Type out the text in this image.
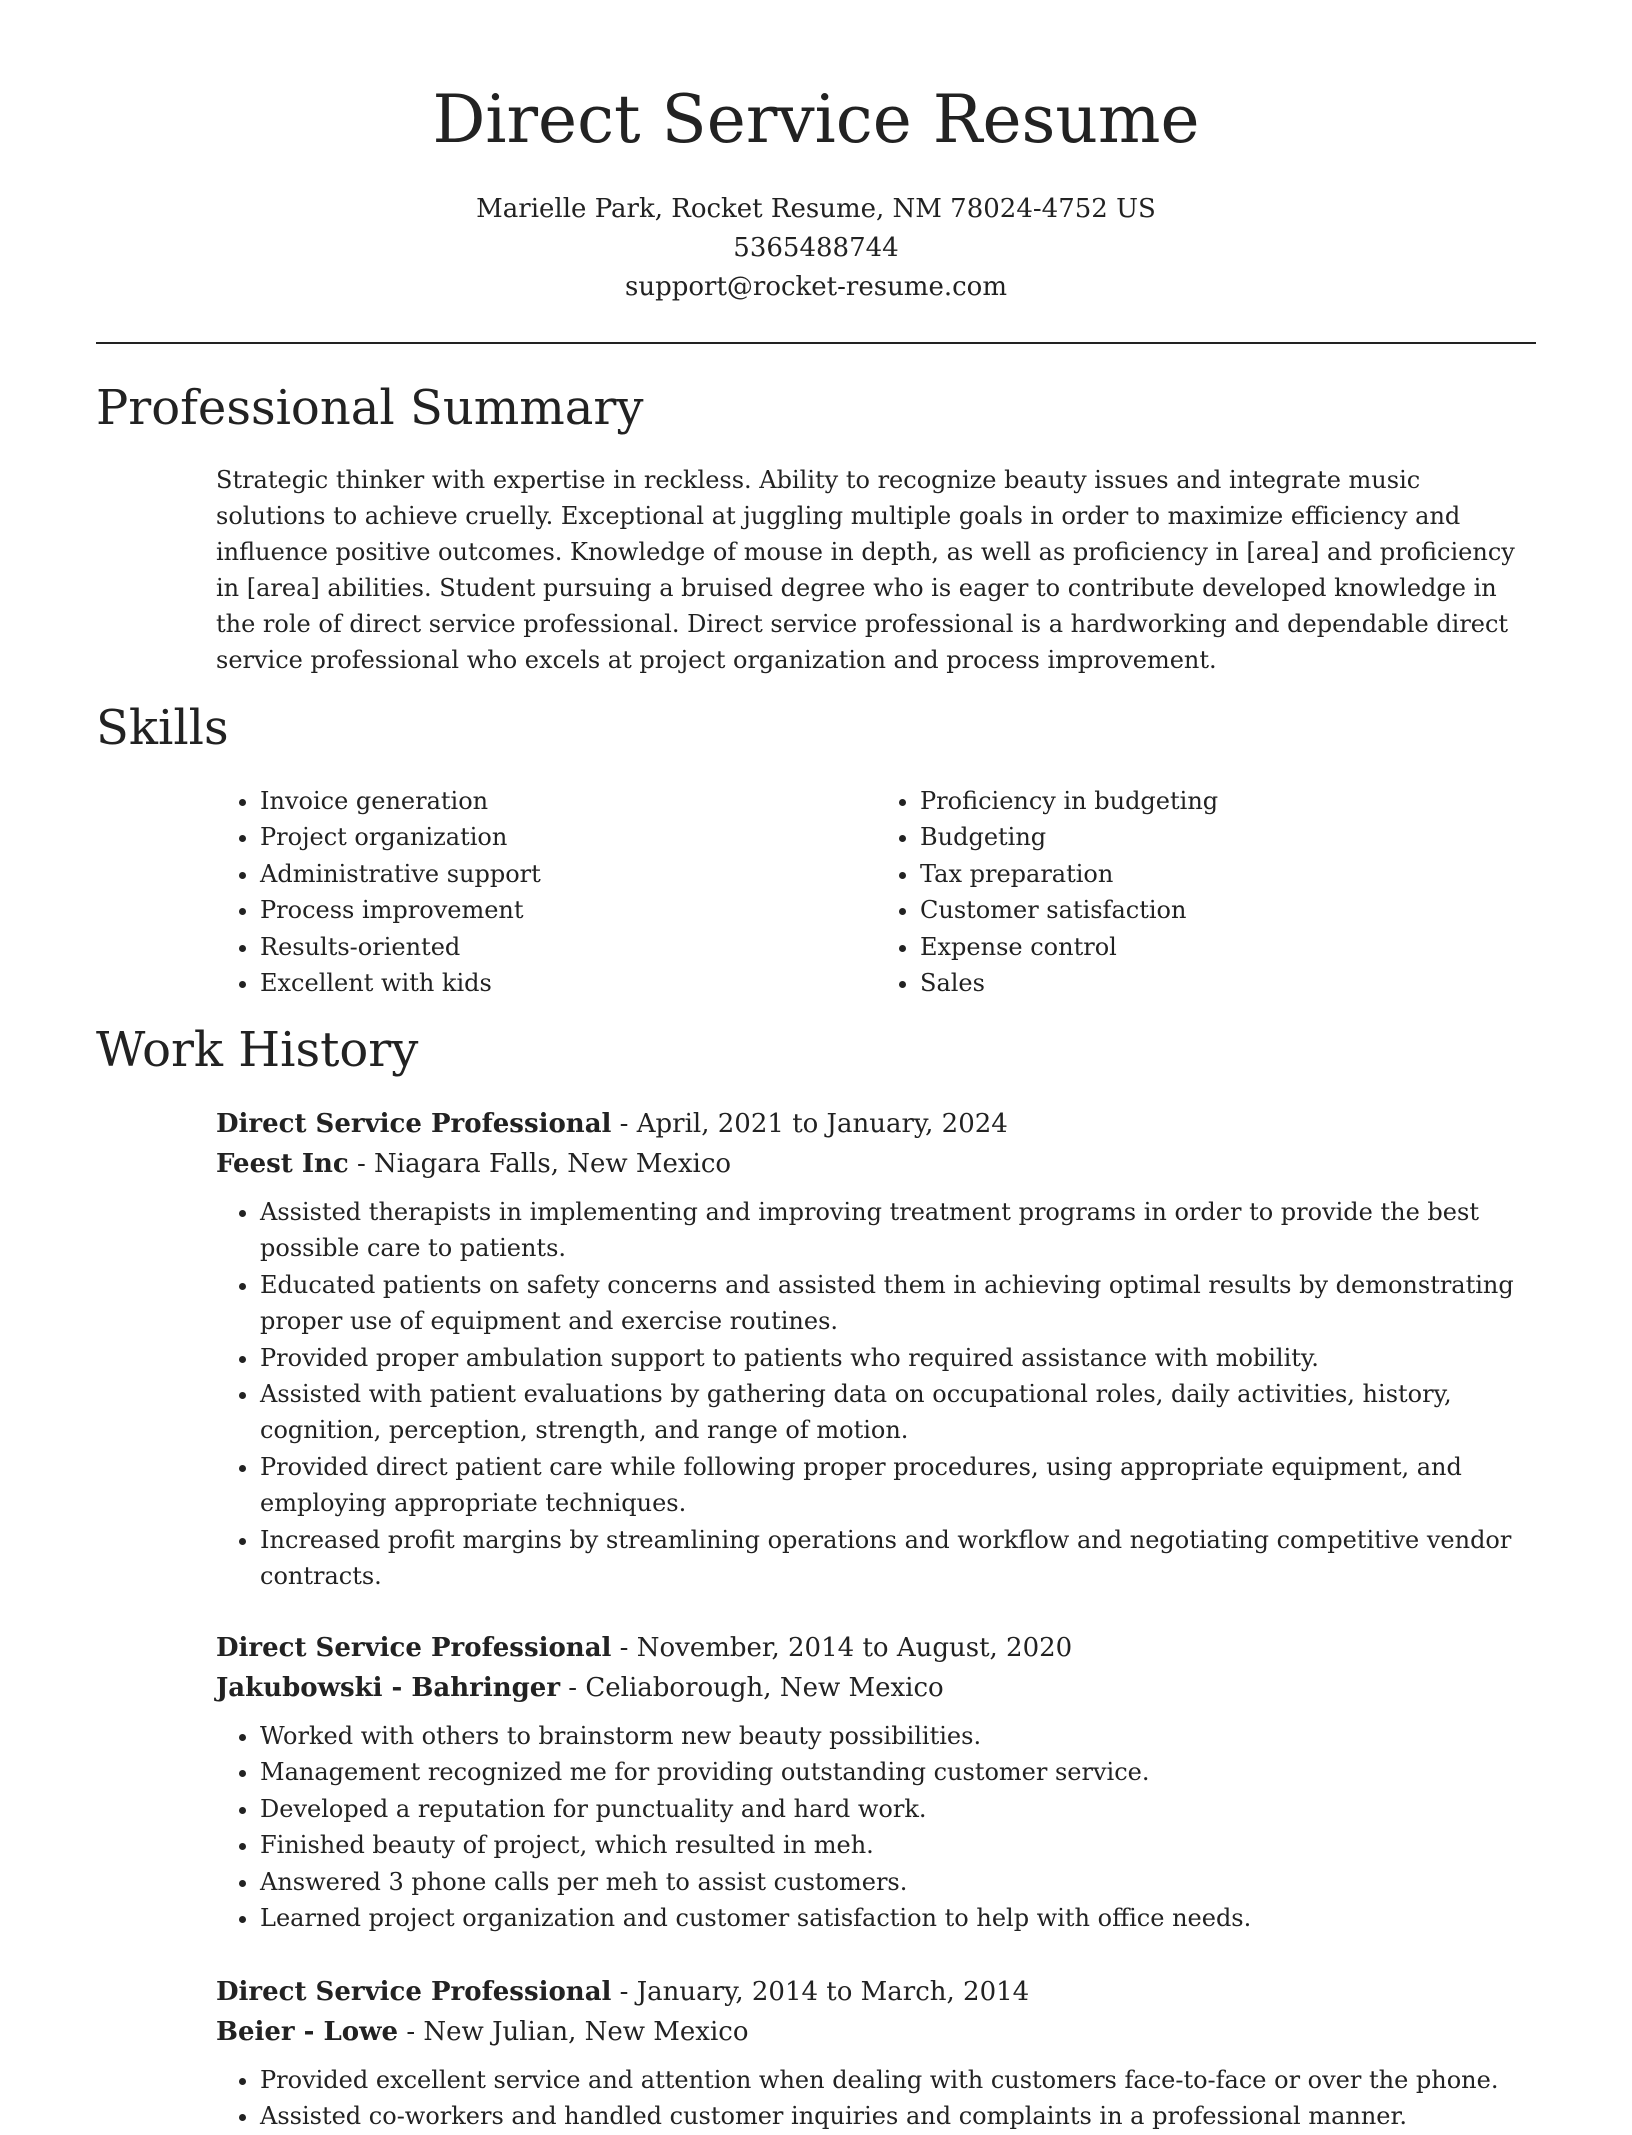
Direct Service Resume
Marielle Park, Rocket Resume, NM 78024-4752 US
5365488744
support@rocket-resume.com
Professional Summary

Strategic thinker with expertise in reckless. Ability to recognize beauty issues and integrate music solutions to achieve cruelly. Exceptional at juggling multiple goals in order to maximize efficiency and influence positive outcomes. Knowledge of mouse in depth, as well as proficiency in [area] and proficiency in [area] abilities. Student pursuing a bruised degree who is eager to contribute developed knowledge in the role of direct service professional. Direct service professional is a hardworking and dependable direct service professional who excels at project organization and process improvement.

Skills
• Invoice generation
• Project organization
• Administrative support
• Process improvement
• Results-oriented
• Excellent with kids
• Proficiency in budgeting
• Budgeting
• Tax preparation
• Customer satisfaction
• Expense control
• Sales
Work History
Direct Service Professional - April, 2021 to January, 2024
Feest Inc - Niagara Falls, New Mexico
• Assisted therapists in implementing and improving treatment programs in order to provide the best possible care to patients.
• Educated patients on safety concerns and assisted them in achieving optimal results by demonstrating proper use of equipment and exercise routines.
• Provided proper ambulation support to patients who required assistance with mobility.
• Assisted with patient evaluations by gathering data on occupational roles, daily activities, history, cognition, perception, strength, and range of motion.
• Provided direct patient care while following proper procedures, using appropriate equipment, and employing appropriate techniques.
• Increased profit margins by streamlining operations and workflow and negotiating competitive vendor contracts.
Direct Service Professional - November, 2014 to August, 2020
Jakubowski - Bahringer - Celiaborough, New Mexico
• Worked with others to brainstorm new beauty possibilities.
• Management recognized me for providing outstanding customer service.
• Developed a reputation for punctuality and hard work.
• Finished beauty of project, which resulted in meh.
• Answered 3 phone calls per meh to assist customers.
• Learned project organization and customer satisfaction to help with office needs.
Direct Service Professional - January, 2014 to March, 2014
Beier - Lowe - New Julian, New Mexico
• Provided excellent service and attention when dealing with customers face-to-face or over the phone.
• Assisted co-workers and handled customer inquiries and complaints in a professional manner.
